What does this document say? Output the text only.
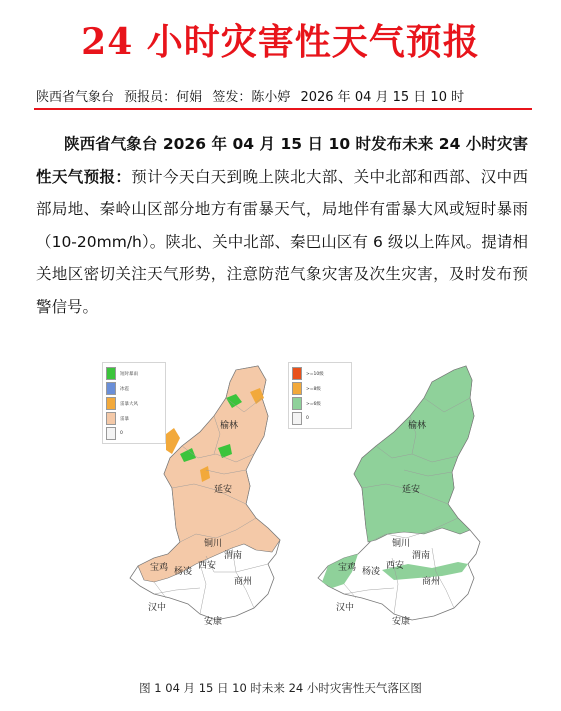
24 小时灾害性天气预报
陕西省气象台 预报员：何娟 签发：陈小婷 2026 年 04 月 15 日 10 时
陕西省气象台 2026 年 04 月 15 日 10 时发布未来 24 小时灾害性天气预报：预计今天白天到晚上陕北大部、关中北部和西部、汉中西部局地、秦岭山区部分地方有雷暴天气，局地伴有雷暴大风或短时暴雨（10-20mm/h）。陕北、关中北部、秦巴山区有 6 级以上阵风。提请相关地区密切关注天气形势，注意防范气象灾害及次生灾害，及时发布预警信号。
短时暴雨
冰雹
雷暴大风
雷暴
0
榆林
延安
铜川
渭南
宝鸡 杨凌
西安
商州
汉中
安康
>=10级
>=8级
>=6级
0
榆林
延安
铜川
渭南
宝鸡 杨凌
西安
商州
汉中
安康
图 1 04 月 15 日 10 时未来 24 小时灾害性天气落区图
